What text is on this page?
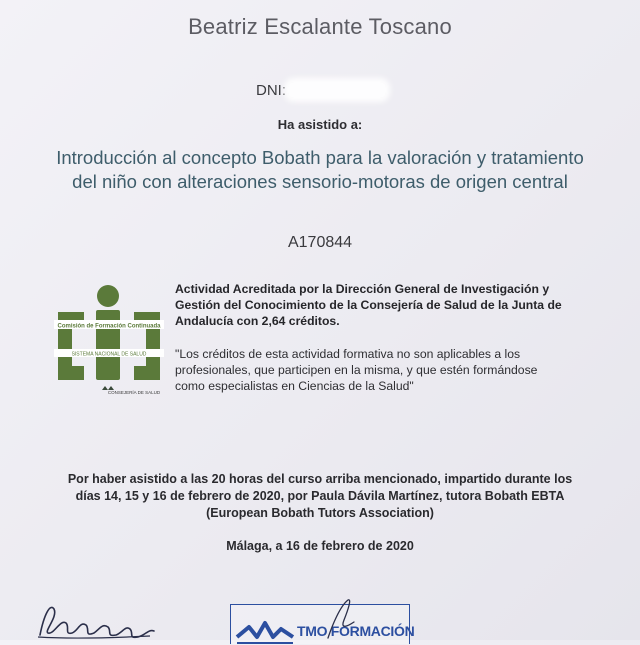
Beatriz Escalante Toscano
DNI:
Ha asistido a:
Introducción al concepto Bobath para la valoración y tratamiento
del niño con alteraciones sensorio-motoras de origen central
A170844
Comisión de Formación Continuada
SISTEMA NACIONAL DE SALUD
CONSEJERÍA DE SALUD
Actividad Acreditada por la Dirección General de Investigación y
Gestión del Conocimiento de la Consejería de Salud de la Junta de
Andalucía con 2,64 créditos.
"Los créditos de esta actividad formativa no son aplicables a los
profesionales, que participen en la misma, y que estén formándose
como especialistas en Ciencias de la Salud"
Por haber asistido a las 20 horas del curso arriba mencionado, impartido durante los
días 14, 15 y 16 de febrero de 2020, por Paula Dávila Martínez, tutora Bobath EBTA
(European Bobath Tutors Association)
Málaga, a 16 de febrero de 2020
TMO FORMACIÓN
